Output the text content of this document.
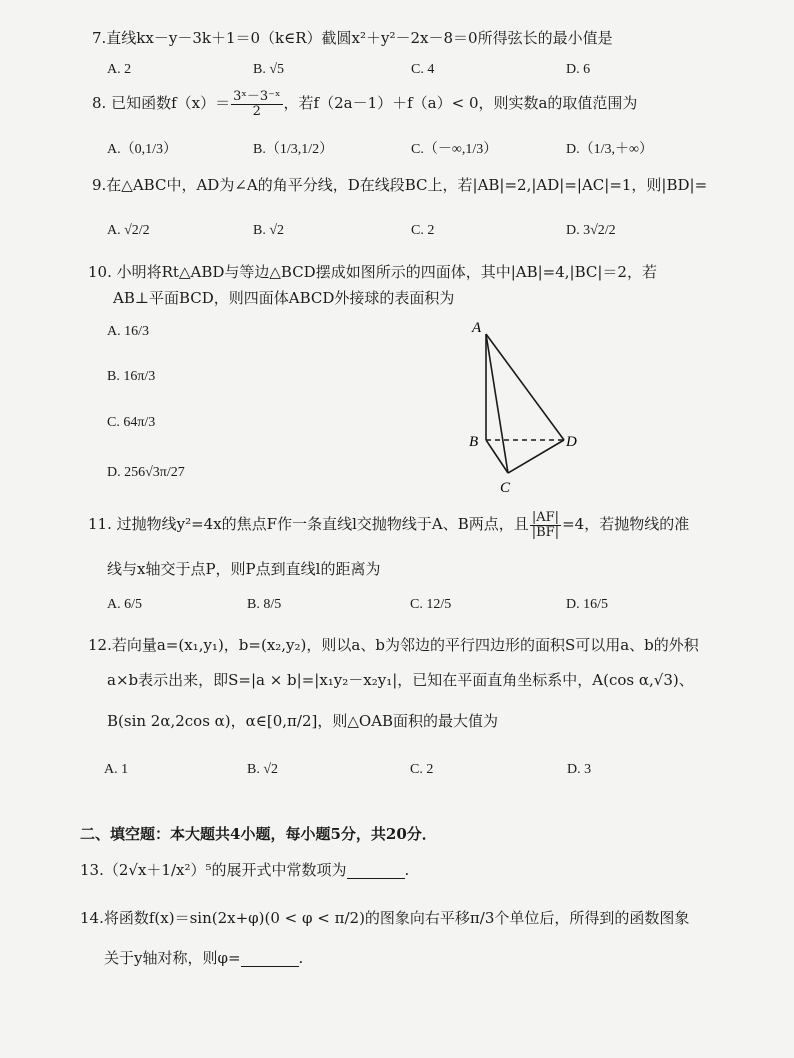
7.直线kx－y－3k＋1＝0（k∈R）截圆x²＋y²－2x－8＝0所得弦长的最小值是
A. 2	B. √5	C. 4	D. 6
8. 已知函数$f(x)= \frac{\text{3ˣ－3⁻ˣ}}{2}$ ，若f（2a－1）＋f（a）< 0，则实数a的取值范围为
A.（0,1/3）	B.（1/3,1/2）	C.（－∞,1/3）	D.（1/3,＋∞）
9.在△ABC中，AD为∠A的角平分线，D在线段BC上，若|AB|=2,|AD|=|AC|=1，则|BD|=
A. √2/2	B. √2	C. 2	D. 3√2/2
10. 小明将Rt△ABD与等边△BCD摆成如图所示的四面体，其中|AB|=4,|BC|＝2，若
AB⊥平面BCD，则四面体ABCD外接球的表面积为
A. 16/3
B. 16π/3
C. 64π/3
D. 256√3π/27
A
B
C
D
11. 过抛物线y²=4x的焦点F作一条直线l交抛物线于A、B两点，且 $\frac{|AF|}{|BF|} =4$，若抛物线的准
线与x轴交于点P，则P点到直线l的距离为
A. 6/5	B. 8/5	C. 12/5	D. 16/5
12.若向量a=(x₁,y₁)，b=(x₂,y₂)，则以a、b为邻边的平行四边形的面积S可以用a、b的外积
a×b表示出来，即S=|a × b|=|x₁y₂－x₂y₁|，已知在平面直角坐标系中，A(cos α,√3)、
B(sin 2α,2cos α)，α∈[0,π/2]，则△OAB面积的最大值为
A. 1	B. √2	C. 2	D. 3
二、填空题：本大题共4小题，每小题5分，共20分．
13.（2√x＋1/x²）⁵的展开式中常数项为	.
14.将函数f(x)＝sin(2x+φ)(0 < φ < π/2)的图象向右平移π/3个单位后，所得到的函数图象
关于y轴对称，则φ=	.
